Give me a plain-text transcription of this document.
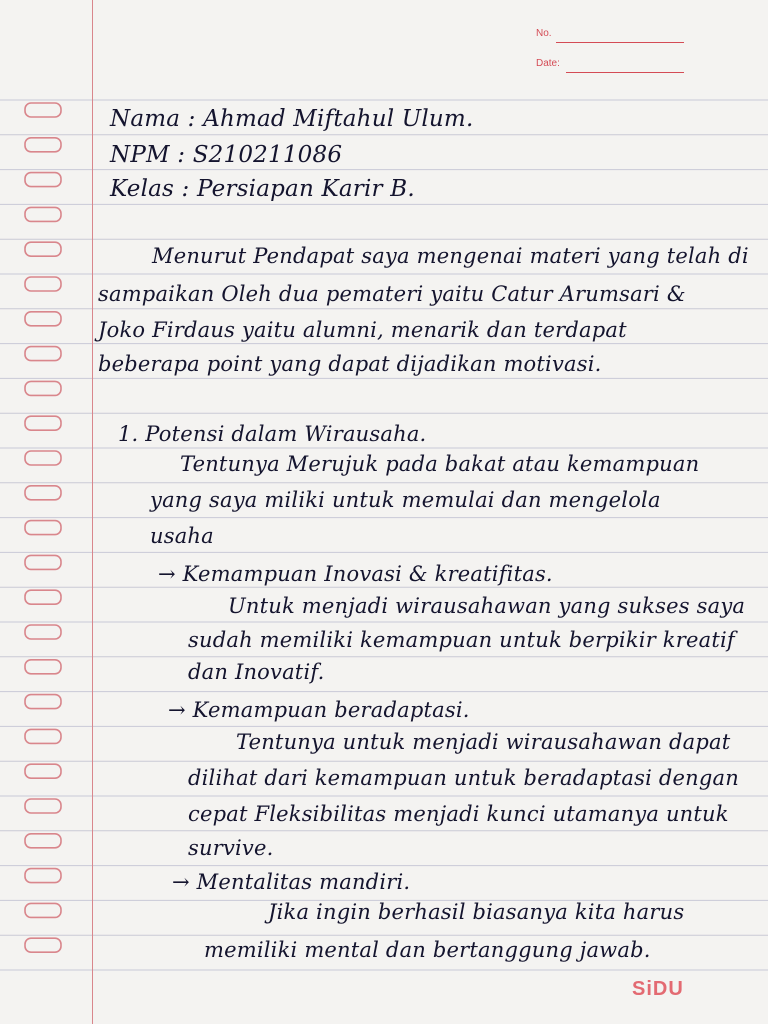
No.
Date:
Nama : Ahmad Miftahul Ulum.
NPM : S210211086
Kelas : Persiapan Karir B.
Menurut Pendapat saya mengenai materi yang telah di
sampaikan Oleh dua pemateri yaitu Catur Arumsari &
Joko Firdaus yaitu alumni, menarik dan terdapat
beberapa point yang dapat dijadikan motivasi.
1. Potensi dalam Wirausaha.
Tentunya Merujuk pada bakat atau kemampuan
yang saya miliki untuk memulai dan mengelola
usaha
→ Kemampuan Inovasi & kreatifitas.
Untuk menjadi wirausahawan yang sukses saya
sudah memiliki kemampuan untuk berpikir kreatif
dan Inovatif.
→ Kemampuan beradaptasi.
Tentunya untuk menjadi wirausahawan dapat
dilihat dari kemampuan untuk beradaptasi dengan
cepat Fleksibilitas menjadi kunci utamanya untuk
survive.
→ Mentalitas mandiri.
Jika ingin berhasil biasanya kita harus
memiliki mental dan bertanggung jawab.
SiDU
